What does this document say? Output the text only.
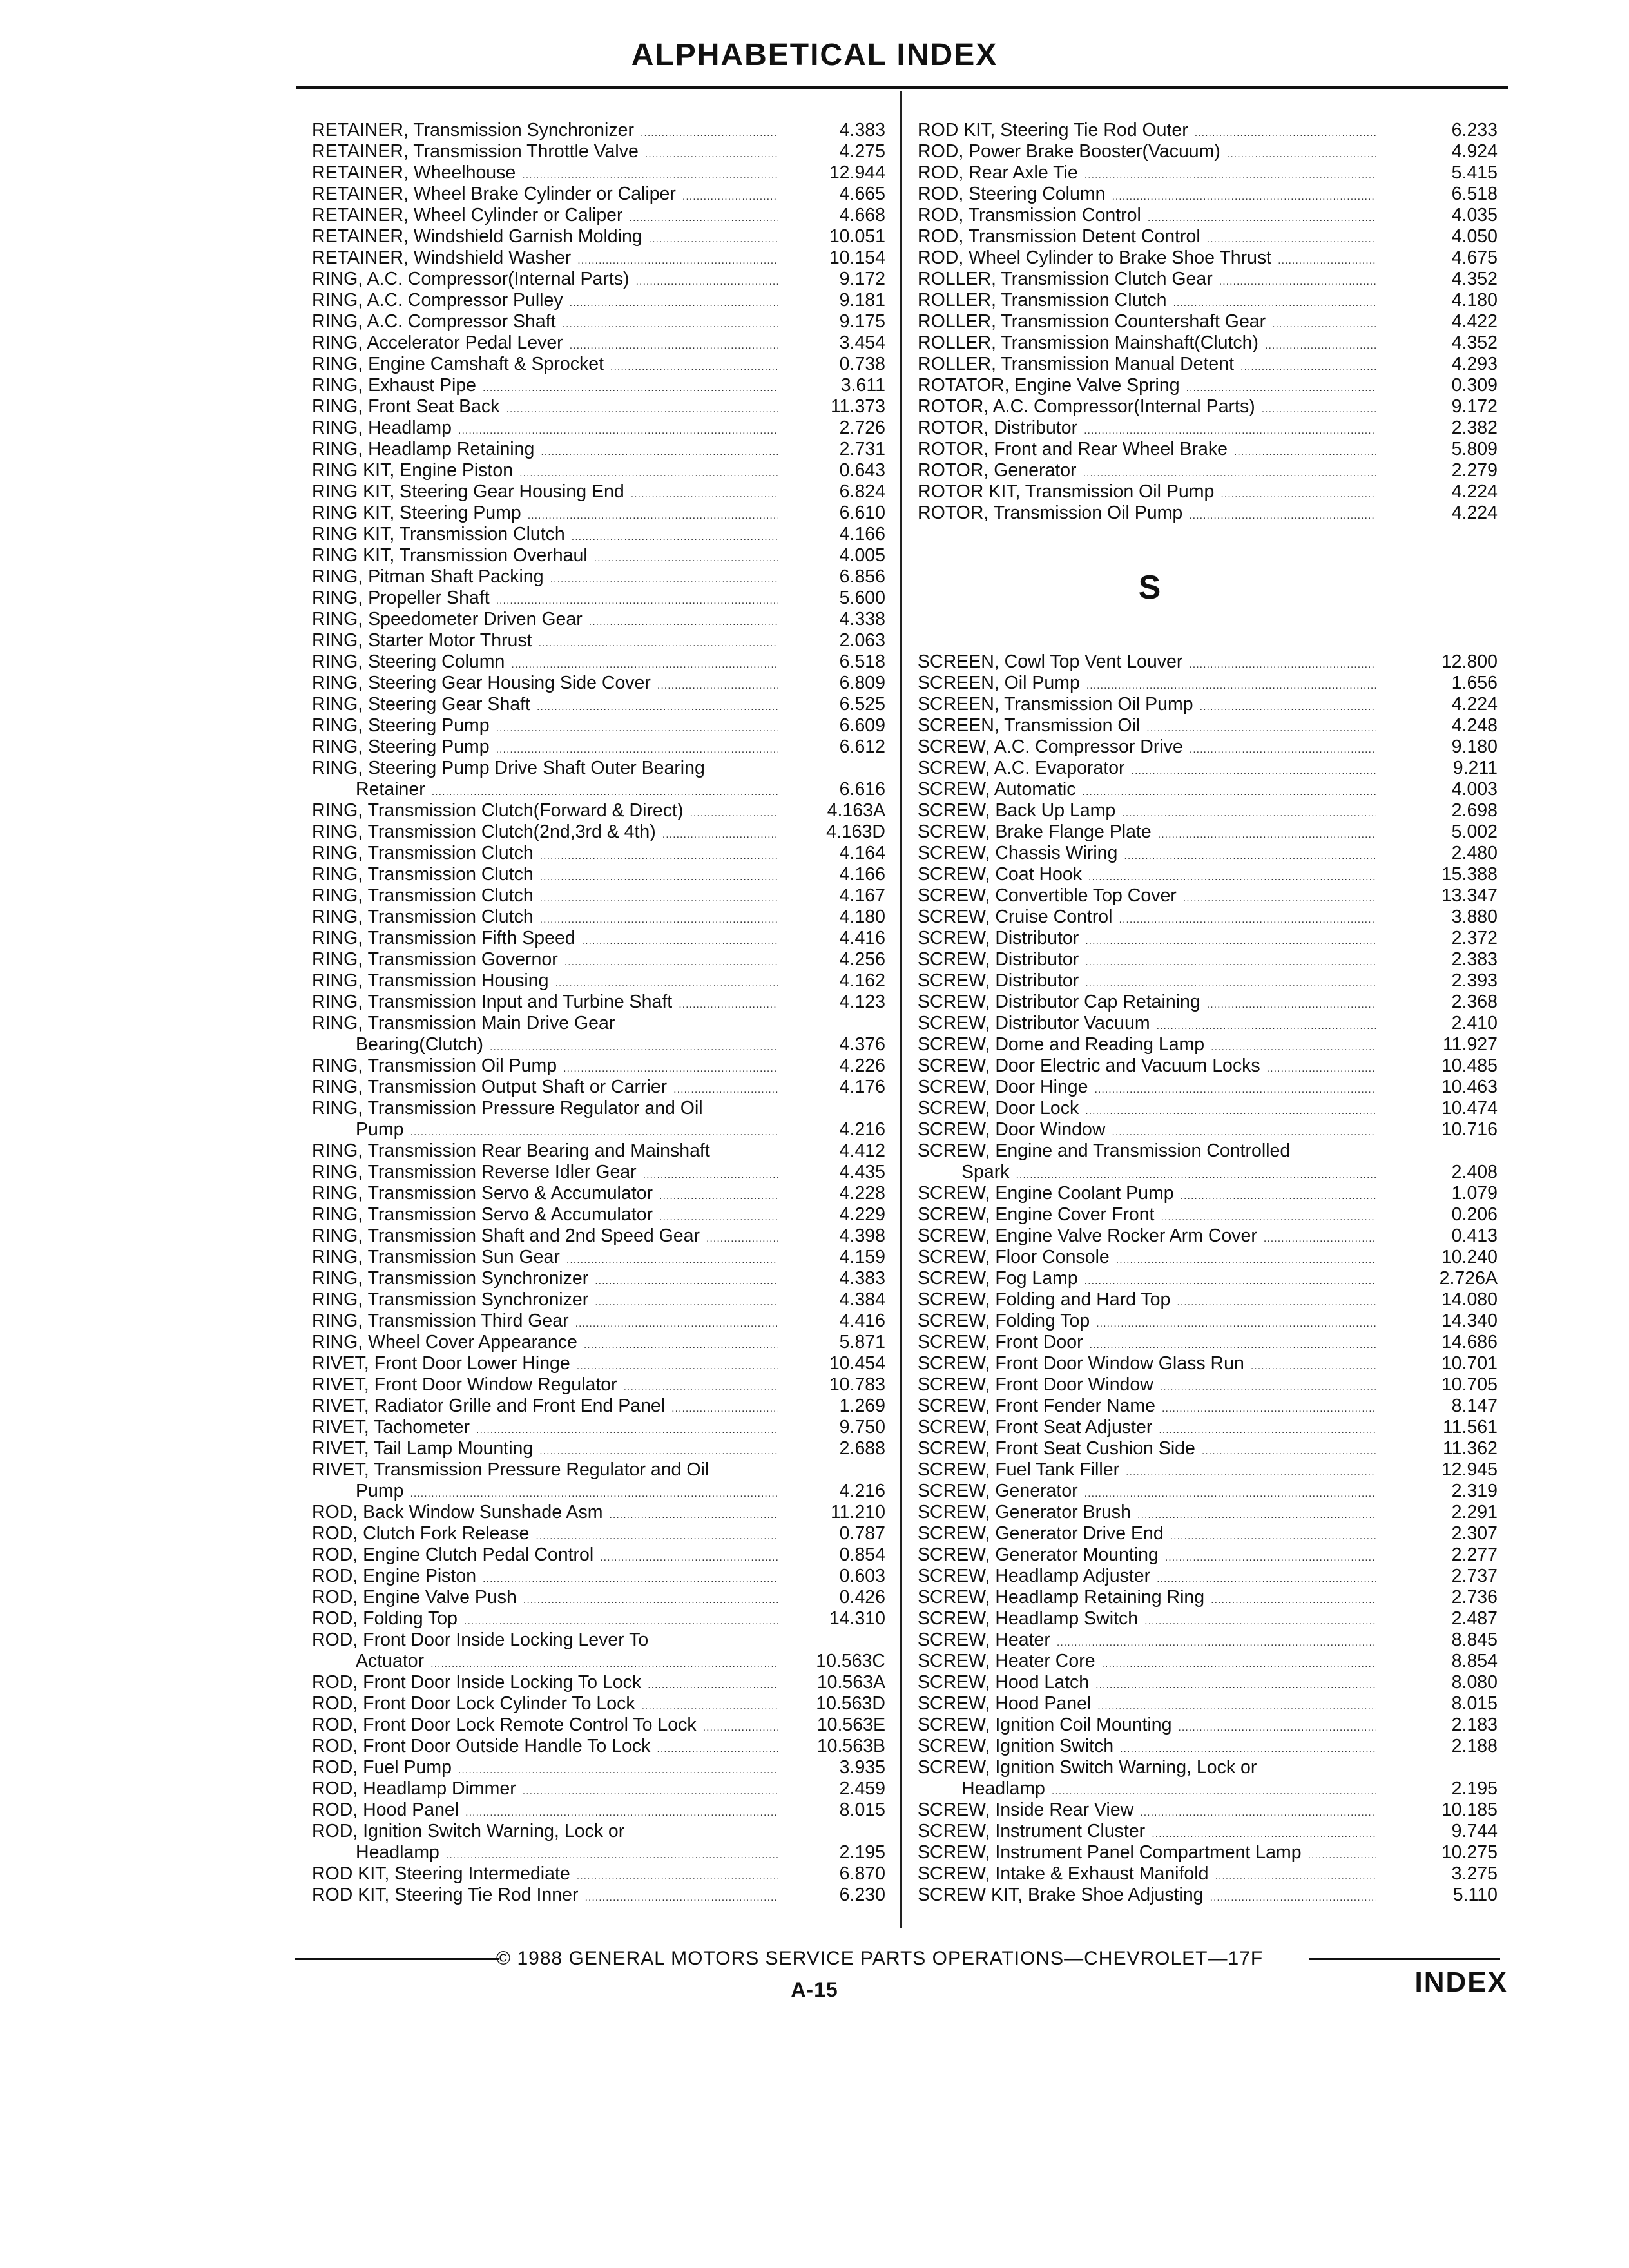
ALPHABETICAL INDEX
RETAINER, Transmission Synchronizer .....	4.383
RETAINER, Transmission Throttle Valve .....	4.275
RETAINER, Wheelhouse .....	12.944
RETAINER, Wheel Brake Cylinder or Caliper .....	4.665
RETAINER, Wheel Cylinder or Caliper .....	4.668
RETAINER, Windshield Garnish Molding .....	10.051
RETAINER, Windshield Washer .....	10.154
RING, A.C. Compressor(Internal Parts) .....	9.172
RING, A.C. Compressor Pulley .....	9.181
RING, A.C. Compressor Shaft .....	9.175
RING, Accelerator Pedal Lever .....	3.454
RING, Engine Camshaft & Sprocket .....	0.738
RING, Exhaust Pipe .....	3.611
RING, Front Seat Back .....	11.373
RING, Headlamp .....	2.726
RING, Headlamp Retaining .....	2.731
RING KIT, Engine Piston .....	0.643
RING KIT, Steering Gear Housing End .....	6.824
RING KIT, Steering Pump .....	6.610
RING KIT, Transmission Clutch .....	4.166
RING KIT, Transmission Overhaul .....	4.005
RING, Pitman Shaft Packing .....	6.856
RING, Propeller Shaft .....	5.600
RING, Speedometer Driven Gear .....	4.338
RING, Starter Motor Thrust .....	2.063
RING, Steering Column .....	6.518
RING, Steering Gear Housing Side Cover .....	6.809
RING, Steering Gear Shaft .....	6.525
RING, Steering Pump .....	6.609
RING, Steering Pump .....	6.612
RING, Steering Pump Drive Shaft Outer Bearing
Retainer .....	6.616
RING, Transmission Clutch(Forward & Direct) .....	4.163A
RING, Transmission Clutch(2nd,3rd & 4th) .....	4.163D
RING, Transmission Clutch .....	4.164
RING, Transmission Clutch .....	4.166
RING, Transmission Clutch .....	4.167
RING, Transmission Clutch .....	4.180
RING, Transmission Fifth Speed .....	4.416
RING, Transmission Governor .....	4.256
RING, Transmission Housing .....	4.162
RING, Transmission Input and Turbine Shaft .....	4.123
RING, Transmission Main Drive Gear
Bearing(Clutch) .....	4.376
RING, Transmission Oil Pump .....	4.226
RING, Transmission Output Shaft or Carrier .....	4.176
RING, Transmission Pressure Regulator and Oil
Pump .....	4.216
RING, Transmission Rear Bearing and Mainshaft	4.412
RING, Transmission Reverse Idler Gear .....	4.435
RING, Transmission Servo & Accumulator .....	4.228
RING, Transmission Servo & Accumulator .....	4.229
RING, Transmission Shaft and 2nd Speed Gear .....	4.398
RING, Transmission Sun Gear .....	4.159
RING, Transmission Synchronizer .....	4.383
RING, Transmission Synchronizer .....	4.384
RING, Transmission Third Gear .....	4.416
RING, Wheel Cover Appearance .....	5.871
RIVET, Front Door Lower Hinge .....	10.454
RIVET, Front Door Window Regulator .....	10.783
RIVET, Radiator Grille and Front End Panel .....	1.269
RIVET, Tachometer .....	9.750
RIVET, Tail Lamp Mounting .....	2.688
RIVET, Transmission Pressure Regulator and Oil
Pump .....	4.216
ROD, Back Window Sunshade Asm .....	11.210
ROD, Clutch Fork Release .....	0.787
ROD, Engine Clutch Pedal Control .....	0.854
ROD, Engine Piston .....	0.603
ROD, Engine Valve Push .....	0.426
ROD, Folding Top .....	14.310
ROD, Front Door Inside Locking Lever To
Actuator .....	10.563C
ROD, Front Door Inside Locking To Lock .....	10.563A
ROD, Front Door Lock Cylinder To Lock .....	10.563D
ROD, Front Door Lock Remote Control To Lock .....	10.563E
ROD, Front Door Outside Handle To Lock .....	10.563B
ROD, Fuel Pump .....	3.935
ROD, Headlamp Dimmer .....	2.459
ROD, Hood Panel .....	8.015
ROD, Ignition Switch Warning, Lock or
Headlamp .....	2.195
ROD KIT, Steering Intermediate .....	6.870
ROD KIT, Steering Tie Rod Inner .....	6.230
ROD KIT, Steering Tie Rod Outer .....	6.233
ROD, Power Brake Booster(Vacuum) .....	4.924
ROD, Rear Axle Tie .....	5.415
ROD, Steering Column .....	6.518
ROD, Transmission Control .....	4.035
ROD, Transmission Detent Control .....	4.050
ROD, Wheel Cylinder to Brake Shoe Thrust .....	4.675
ROLLER, Transmission Clutch Gear .....	4.352
ROLLER, Transmission Clutch .....	4.180
ROLLER, Transmission Countershaft Gear .....	4.422
ROLLER, Transmission Mainshaft(Clutch) .....	4.352
ROLLER, Transmission Manual Detent .....	4.293
ROTATOR, Engine Valve Spring .....	0.309
ROTOR, A.C. Compressor(Internal Parts) .....	9.172
ROTOR, Distributor .....	2.382
ROTOR, Front and Rear Wheel Brake .....	5.809
ROTOR, Generator .....	2.279
ROTOR KIT, Transmission Oil Pump .....	4.224
ROTOR, Transmission Oil Pump .....	4.224
S
SCREEN, Cowl Top Vent Louver .....	12.800
SCREEN, Oil Pump .....	1.656
SCREEN, Transmission Oil Pump .....	4.224
SCREEN, Transmission Oil .....	4.248
SCREW, A.C. Compressor Drive .....	9.180
SCREW, A.C. Evaporator .....	9.211
SCREW, Automatic .....	4.003
SCREW, Back Up Lamp .....	2.698
SCREW, Brake Flange Plate .....	5.002
SCREW, Chassis Wiring .....	2.480
SCREW, Coat Hook .....	15.388
SCREW, Convertible Top Cover .....	13.347
SCREW, Cruise Control .....	3.880
SCREW, Distributor .....	2.372
SCREW, Distributor .....	2.383
SCREW, Distributor .....	2.393
SCREW, Distributor Cap Retaining .....	2.368
SCREW, Distributor Vacuum .....	2.410
SCREW, Dome and Reading Lamp .....	11.927
SCREW, Door Electric and Vacuum Locks .....	10.485
SCREW, Door Hinge .....	10.463
SCREW, Door Lock .....	10.474
SCREW, Door Window .....	10.716
SCREW, Engine and Transmission Controlled
Spark .....	2.408
SCREW, Engine Coolant Pump .....	1.079
SCREW, Engine Cover Front .....	0.206
SCREW, Engine Valve Rocker Arm Cover .....	0.413
SCREW, Floor Console .....	10.240
SCREW, Fog Lamp .....	2.726A
SCREW, Folding and Hard Top .....	14.080
SCREW, Folding Top .....	14.340
SCREW, Front Door .....	14.686
SCREW, Front Door Window Glass Run .....	10.701
SCREW, Front Door Window .....	10.705
SCREW, Front Fender Name .....	8.147
SCREW, Front Seat Adjuster .....	11.561
SCREW, Front Seat Cushion Side .....	11.362
SCREW, Fuel Tank Filler .....	12.945
SCREW, Generator .....	2.319
SCREW, Generator Brush .....	2.291
SCREW, Generator Drive End .....	2.307
SCREW, Generator Mounting .....	2.277
SCREW, Headlamp Adjuster .....	2.737
SCREW, Headlamp Retaining Ring .....	2.736
SCREW, Headlamp Switch .....	2.487
SCREW, Heater .....	8.845
SCREW, Heater Core .....	8.854
SCREW, Hood Latch .....	8.080
SCREW, Hood Panel .....	8.015
SCREW, Ignition Coil Mounting .....	2.183
SCREW, Ignition Switch .....	2.188
SCREW, Ignition Switch Warning, Lock or
Headlamp .....	2.195
SCREW, Inside Rear View .....	10.185
SCREW, Instrument Cluster .....	9.744
SCREW, Instrument Panel Compartment Lamp .....	10.275
SCREW, Intake & Exhaust Manifold .....	3.275
SCREW KIT, Brake Shoe Adjusting .....	5.110
© 1988 GENERAL MOTORS SERVICE PARTS OPERATIONS—CHEVROLET—17F
A-15	INDEX
